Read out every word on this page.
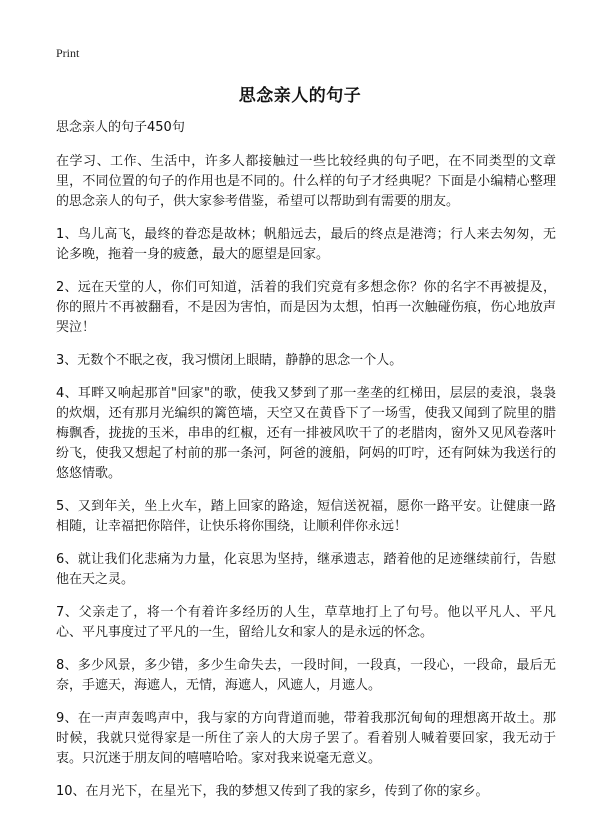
Print
思念亲人的句子

思念亲人的句子450句

在学习、工作、生活中，许多人都接触过一些比较经典的句子吧，在不同类型的文章里，不同位置的句子的作用也是不同的。什么样的句子才经典呢？下面是小编精心整理的思念亲人的句子，供大家参考借鉴，希望可以帮助到有需要的朋友。

1、鸟儿高飞，最终的眷恋是故林；帆船远去，最后的终点是港湾；行人来去匆匆，无论多晚，拖着一身的疲惫，最大的愿望是回家。

2、远在天堂的人，你们可知道，活着的我们究竟有多想念你？你的名字不再被提及，你的照片不再被翻看，不是因为害怕，而是因为太想，怕再一次触碰伤痕，伤心地放声哭泣！

3、无数个不眠之夜，我习惯闭上眼睛，静静的思念一个人。

4、耳畔又响起那首"回家"的歌，使我又梦到了那一垄垄的红梯田，层层的麦浪，袅袅的炊烟，还有那月光编织的篱笆墙，天空又在黄昏下了一场雪，使我又闻到了院里的腊梅飘香，拢拢的玉米，串串的红椒，还有一排被风吹干了的老腊肉，窗外又见风卷落叶纷飞，使我又想起了村前的那一条河，阿爸的渡船，阿妈的叮咛，还有阿妹为我送行的悠悠情歌。

5、又到年关，坐上火车，踏上回家的路途，短信送祝福，愿你一路平安。让健康一路相随，让幸福把你陪伴，让快乐将你围绕，让顺利伴你永远！

6、就让我们化悲痛为力量，化哀思为坚持，继承遗志，踏着他的足迹继续前行，告慰他在天之灵。

7、父亲走了，将一个有着许多经历的人生，草草地打上了句号。他以平凡人、平凡心、平凡事度过了平凡的一生，留给儿女和家人的是永远的怀念。

8、多少风景，多少错，多少生命失去，一段时间，一段真，一段心，一段命，最后无奈，手遮天，海遮人，无情，海遮人，风遮人，月遮人。

9、在一声声轰鸣声中，我与家的方向背道而驰，带着我那沉甸甸的理想离开故土。那时候，我就只觉得家是一所住了亲人的大房子罢了。看着别人喊着要回家，我无动于衷。只沉迷于朋友间的嘻嘻哈哈。家对我来说毫无意义。

10、在月光下，在星光下，我的梦想又传到了我的家乡，传到了你的家乡。
